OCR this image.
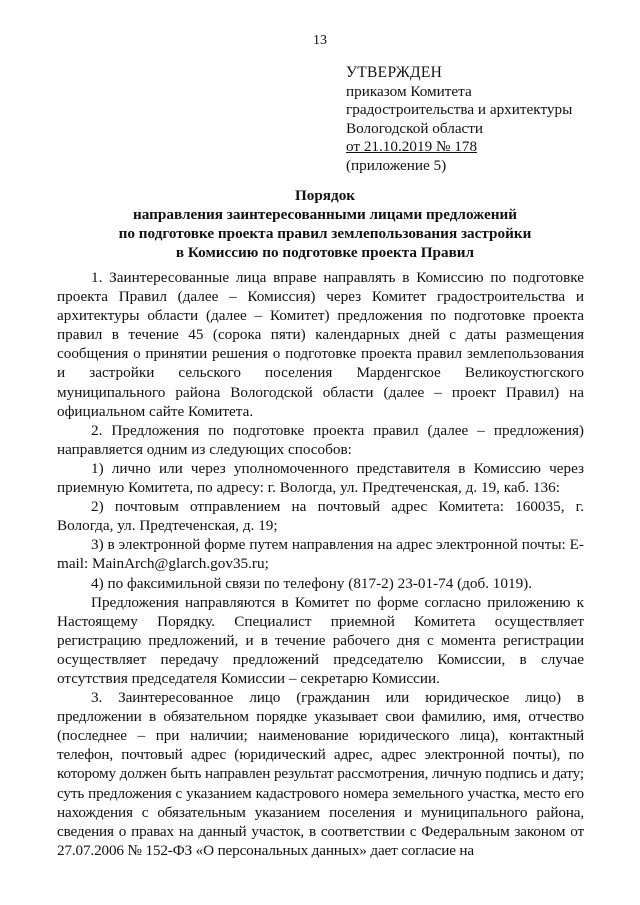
13
УТВЕРЖДЕН
приказом Комитета
градостроительства и архитектуры
Вологодской области
от 21.10.2019 № 178
(приложение 5)
Порядок
направления заинтересованными лицами предложений
по подготовке проекта правил землепользования застройки
в Комиссию по подготовке проекта Правил

1. Заинтересованные лица вправе направлять в Комиссию по подготовке проекта Правил (далее – Комиссия) через Комитет градостроительства и архитектуры области (далее – Комитет) предложения по подготовке проекта правил в течение 45 (сорока пяти) календарных дней с даты размещения сообщения о принятии решения о подготовке проекта правил землепользования и застройки сельского поселения Марденгское Великоустюгского муниципального района Вологодской области (далее – проект Правил) на официальном сайте Комитета.

2. Предложения по подготовке проекта правил (далее – предложения) направляется одним из следующих способов:

1) лично или через уполномоченного представителя в Комиссию через приемную Комитета, по адресу: г. Вологда, ул. Предтеченская, д. 19, каб. 136:

2) почтовым отправлением на почтовый адрес Комитета: 160035, г. Вологда, ул. Предтеченская, д. 19;

3) в электронной форме путем направления на адрес электронной почты: E-mail: MainArch@glarch.gov35.ru;

4) по факсимильной связи по телефону (817-2) 23-01-74 (доб. 1019).

Предложения направляются в Комитет по форме согласно приложению к Настоящему Порядку. Специалист приемной Комитета осуществляет регистрацию предложений, и в течение рабочего дня с момента регистрации осуществляет передачу предложений председателю Комиссии, в случае отсутствия председателя Комиссии – секретарю Комиссии.

3. Заинтересованное лицо (гражданин или юридическое лицо) в предложении в обязательном порядке указывает свои фамилию, имя, отчество (последнее – при наличии; наименование юридического лица), контактный телефон, почтовый адрес (юридический адрес, адрес электронной почты), по которому должен быть направлен результат рассмотрения, личную подпись и дату; суть предложения с указанием кадастрового номера земельного участка, место его нахождения с обязательным указанием поселения и муниципального района, сведения о правах на данный участок, в соответствии с Федеральным законом от 27.07.2006 № 152-ФЗ «О персональных данных» дает согласие на
